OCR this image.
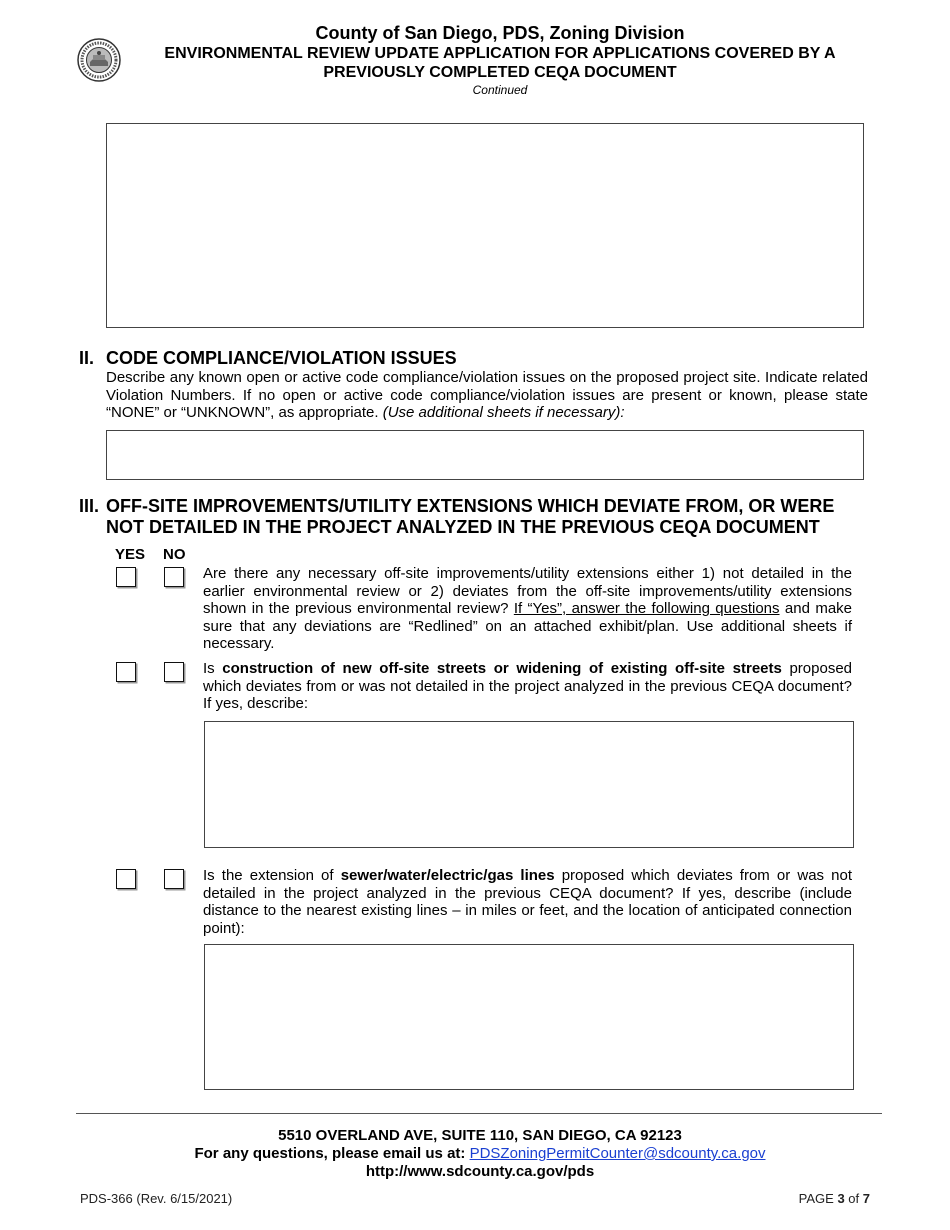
County of San Diego, PDS, Zoning Division
ENVIRONMENTAL REVIEW UPDATE APPLICATION FOR APPLICATIONS COVERED BY A
PREVIOUSLY COMPLETED CEQA DOCUMENT
Continued
II. CODE COMPLIANCE/VIOLATION ISSUES
Describe any known open or active code compliance/violation issues on the proposed project site. Indicate related Violation Numbers. If no open or active code compliance/violation issues are present or known, please state “NONE” or “UNKNOWN”, as appropriate. (Use additional sheets if necessary):
III. OFF-SITE IMPROVEMENTS/UTILITY EXTENSIONS WHICH DEVIATE FROM, OR WERE
NOT DETAILED IN THE PROJECT ANALYZED IN THE PREVIOUS CEQA DOCUMENT
YES NO
Are there any necessary off-site improvements/utility extensions either 1) not detailed in the earlier environmental review or 2) deviates from the off-site improvements/utility extensions shown in the previous environmental review? If “Yes”, answer the following questions and make sure that any deviations are “Redlined” on an attached exhibit/plan. Use additional sheets if necessary.
Is construction of new off-site streets or widening of existing off-site streets proposed which deviates from or was not detailed in the project analyzed in the previous CEQA document? If yes, describe:
Is the extension of sewer/water/electric/gas lines proposed which deviates from or was not detailed in the project analyzed in the previous CEQA document? If yes, describe (include distance to the nearest existing lines – in miles or feet, and the location of anticipated connection point):
5510 OVERLAND AVE, SUITE 110, SAN DIEGO, CA 92123
For any questions, please email us at: PDSZoningPermitCounter@sdcounty.ca.gov
http://www.sdcounty.ca.gov/pds
PDS-366 (Rev. 6/15/2021)	PAGE 3 of 7
